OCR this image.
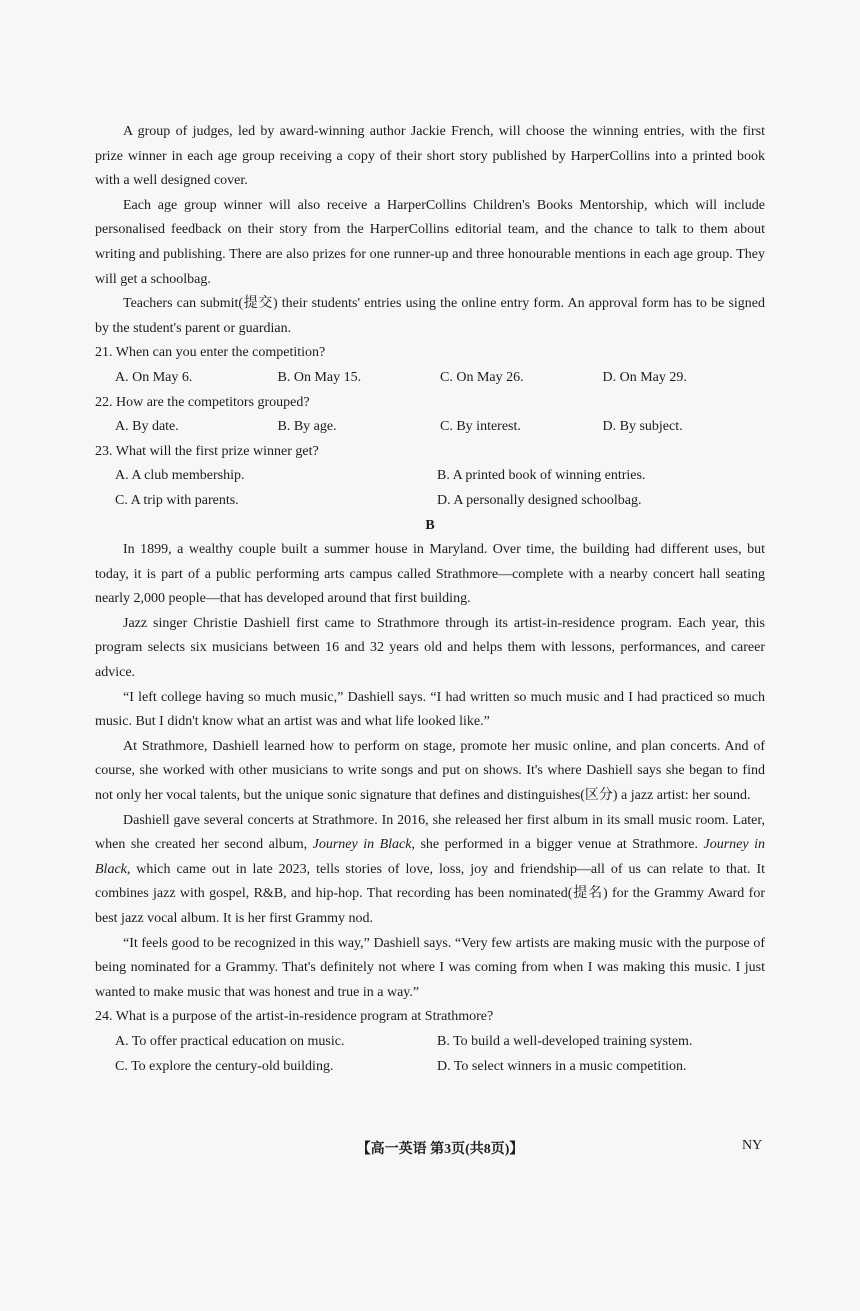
A group of judges, led by award-winning author Jackie French, will choose the winning entries, with the first prize winner in each age group receiving a copy of their short story published by HarperCollins into a printed book with a well designed cover.

Each age group winner will also receive a HarperCollins Children's Books Mentorship, which will include personalised feedback on their story from the HarperCollins editorial team, and the chance to talk to them about writing and publishing. There are also prizes for one runner-up and three honourable mentions in each age group. They will get a schoolbag.

Teachers can submit(提交) their students' entries using the online entry form. An approval form has to be signed by the student's parent or guardian.

21. When can you enter the competition?

A. On May 6.	B. On May 15.	C. On May 26.	D. On May 29.

22. How are the competitors grouped?

A. By date.	B. By age.	C. By interest.	D. By subject.

23. What will the first prize winner get?

A. A club membership.	B. A printed book of winning entries.
C. A trip with parents.	D. A personally designed schoolbag.

B

In 1899, a wealthy couple built a summer house in Maryland. Over time, the building had different uses, but today, it is part of a public performing arts campus called Strathmore—complete with a nearby concert hall seating nearly 2,000 people—that has developed around that first building.

Jazz singer Christie Dashiell first came to Strathmore through its artist-in-residence program. Each year, this program selects six musicians between 16 and 32 years old and helps them with lessons, performances, and career advice.

“I left college having so much music,” Dashiell says. “I had written so much music and I had practiced so much music. But I didn't know what an artist was and what life looked like.”

At Strathmore, Dashiell learned how to perform on stage, promote her music online, and plan concerts. And of course, she worked with other musicians to write songs and put on shows. It's where Dashiell says she began to find not only her vocal talents, but the unique sonic signature that defines and distinguishes(区分) a jazz artist: her sound.

Dashiell gave several concerts at Strathmore. In 2016, she released her first album in its small music room. Later, when she created her second album, Journey in Black, she performed in a bigger venue at Strathmore. Journey in Black, which came out in late 2023, tells stories of love, loss, joy and friendship—all of us can relate to that. It combines jazz with gospel, R&B, and hip-hop. That recording has been nominated(提名) for the Grammy Award for best jazz vocal album. It is her first Grammy nod.

“It feels good to be recognized in this way,” Dashiell says. “Very few artists are making music with the purpose of being nominated for a Grammy. That's definitely not where I was coming from when I was making this music. I just wanted to make music that was honest and true in a way.”

24. What is a purpose of the artist-in-residence program at Strathmore?

A. To offer practical education on music.	B. To build a well-developed training system.
C. To explore the century-old building.	D. To select winners in a music competition.
【高一英语 第3页(共8页)】	NY
